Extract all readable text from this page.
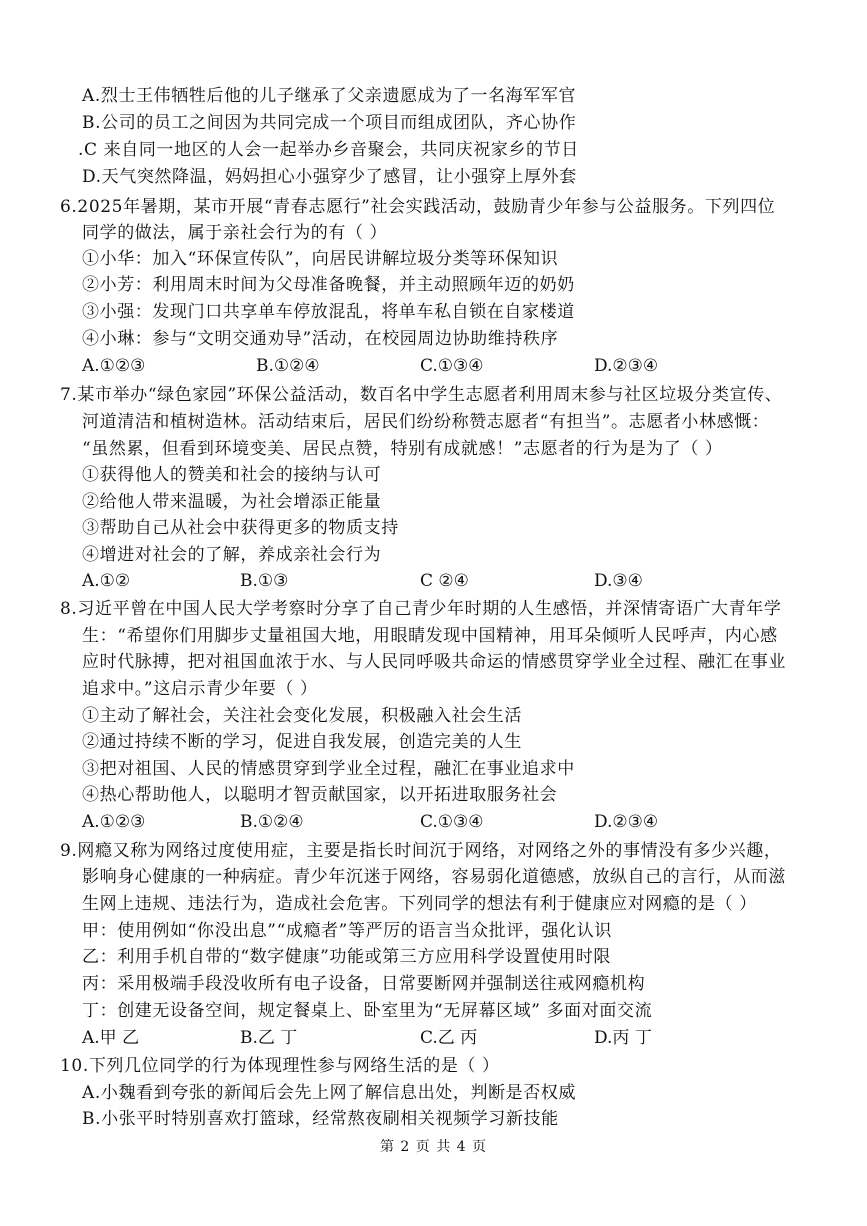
A.烈士王伟牺牲后他的儿子继承了父亲遗愿成为了一名海军军官
B.公司的员工之间因为共同完成一个项目而组成团队，齐心协作
.C 来自同一地区的人会一起举办乡音聚会，共同庆祝家乡的节日
D.天气突然降温，妈妈担心小强穿少了感冒，让小强穿上厚外套
6.2025年暑期，某市开展“青春志愿行”社会实践活动，鼓励青少年参与公益服务。下列四位
同学的做法，属于亲社会行为的有（ ）
①小华：加入“环保宣传队”，向居民讲解垃圾分类等环保知识
②小芳：利用周末时间为父母准备晚餐，并主动照顾年迈的奶奶
③小强：发现门口共享单车停放混乱，将单车私自锁在自家楼道
④小琳：参与“文明交通劝导”活动，在校园周边协助维持秩序
A.①②③	B.①②④	C.①③④	D.②③④
7.某市举办“绿色家园”环保公益活动，数百名中学生志愿者利用周末参与社区垃圾分类宣传、
河道清洁和植树造林。活动结束后，居民们纷纷称赞志愿者“有担当”。志愿者小林感慨：
“虽然累，但看到环境变美、居民点赞，特别有成就感！”志愿者的行为是为了（ ）
①获得他人的赞美和社会的接纳与认可
②给他人带来温暖，为社会增添正能量
③帮助自己从社会中获得更多的物质支持
④增进对社会的了解，养成亲社会行为
A.①②	B.①③	C ②④	D.③④
8.习近平曾在中国人民大学考察时分享了自己青少年时期的人生感悟，并深情寄语广大青年学
生：“希望你们用脚步丈量祖国大地，用眼睛发现中国精神，用耳朵倾听人民呼声，内心感
应时代脉搏，把对祖国血浓于水、与人民同呼吸共命运的情感贯穿学业全过程、融汇在事业
追求中。”这启示青少年要（ ）
①主动了解社会，关注社会变化发展，积极融入社会生活
②通过持续不断的学习，促进自我发展，创造完美的人生
③把对祖国、人民的情感贯穿到学业全过程，融汇在事业追求中
④热心帮助他人，以聪明才智贡献国家，以开拓进取服务社会
A.①②③	B.①②④	C.①③④	D.②③④
9.网瘾又称为网络过度使用症，主要是指长时间沉于网络，对网络之外的事情没有多少兴趣，
影响身心健康的一种病症。青少年沉迷于网络，容易弱化道德感，放纵自己的言行，从而滋
生网上违规、违法行为，造成社会危害。下列同学的想法有利于健康应对网瘾的是（ ）
甲：使用例如“你没出息”“成瘾者”等严厉的语言当众批评，强化认识
乙：利用手机自带的“数字健康”功能或第三方应用科学设置使用时限
丙：采用极端手段没收所有电子设备，日常要断网并强制送往戒网瘾机构
丁：创建无设备空间，规定餐桌上、卧室里为“无屏幕区域” 多面对面交流
A.甲 乙	B.乙 丁	C.乙 丙	D.丙 丁
10.下列几位同学的行为体现理性参与网络生活的是（ ）
A.小魏看到夸张的新闻后会先上网了解信息出处，判断是否权威
B.小张平时特别喜欢打篮球，经常熬夜刷相关视频学习新技能
第 2 页 共 4 页
